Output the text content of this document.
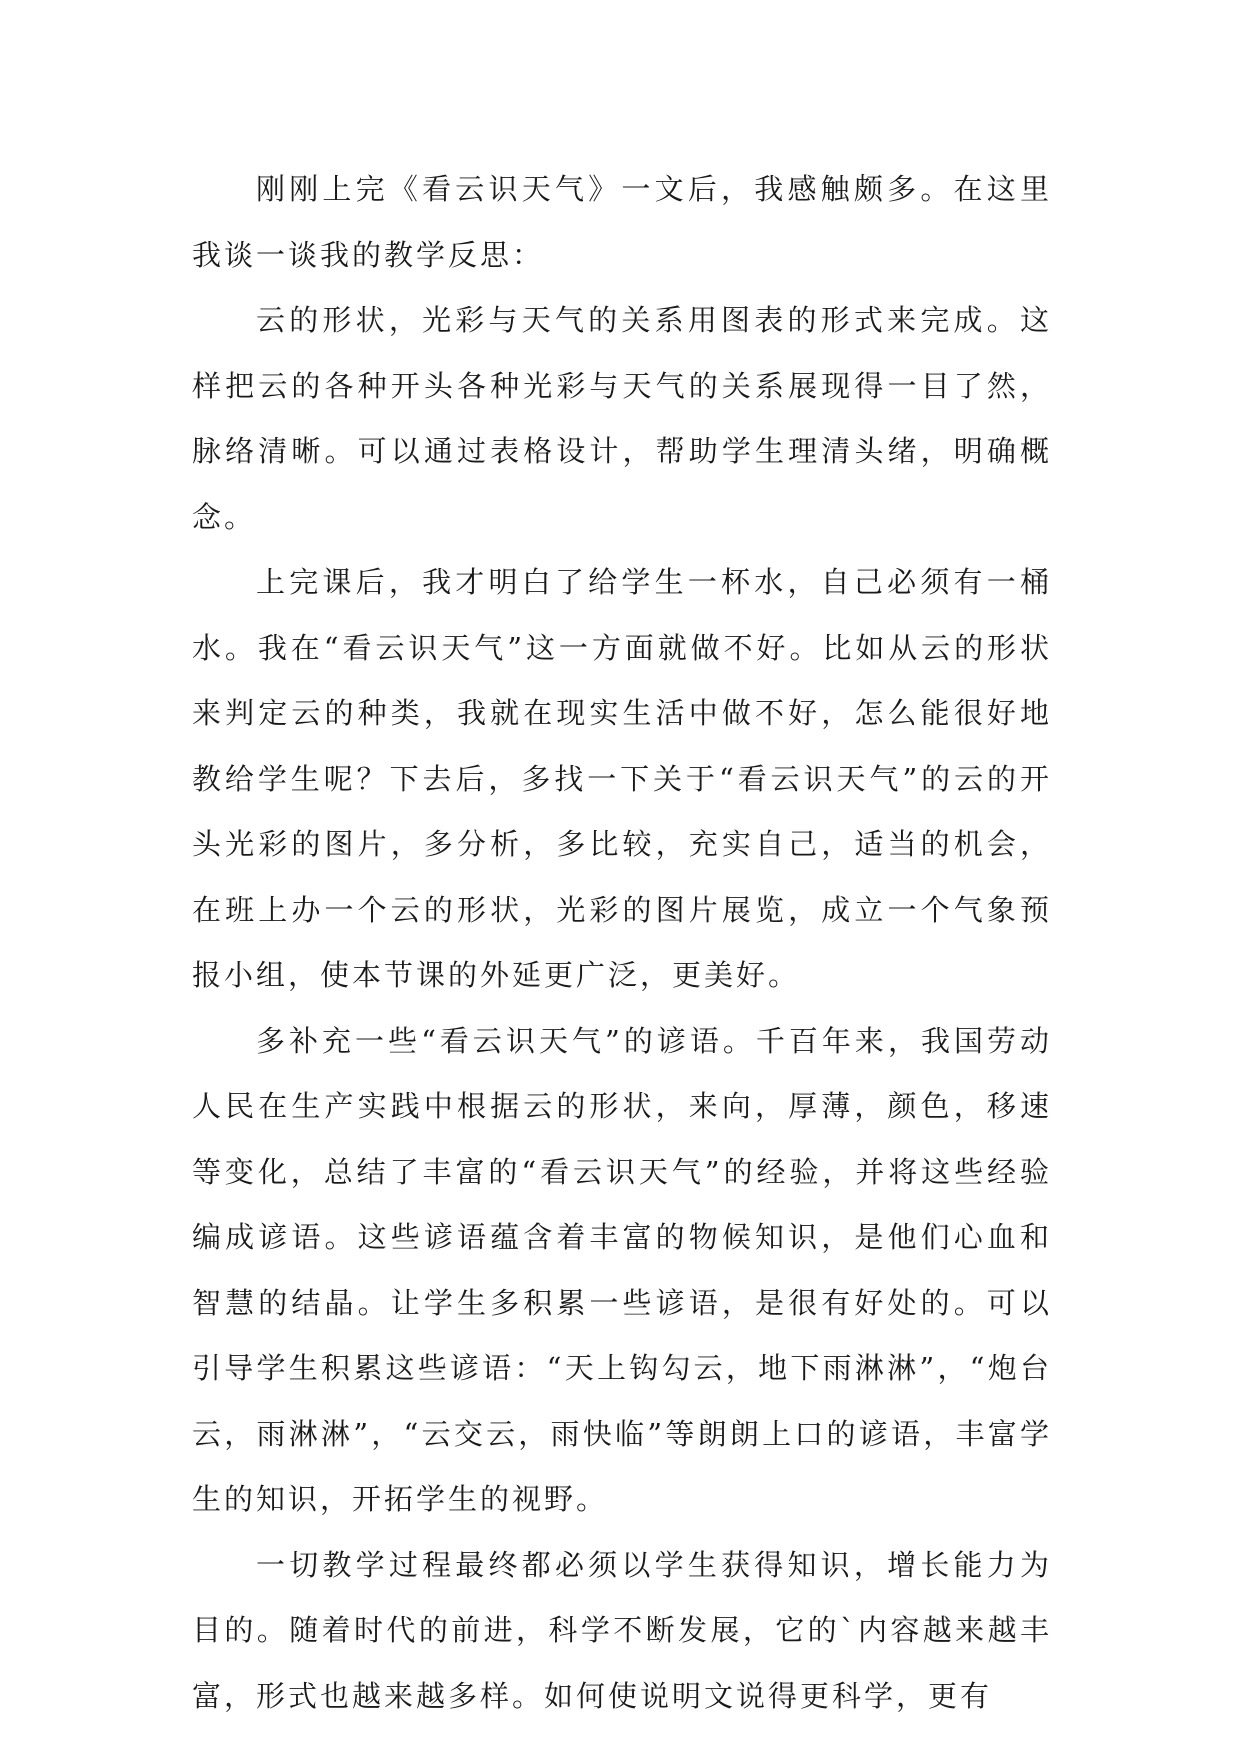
刚刚上完《看云识天气》一文后，我感触颇多。在这里我谈一谈我的教学反思：

云的形状，光彩与天气的关系用图表的形式来完成。这样把云的各种开头各种光彩与天气的关系展现得一目了然，脉络清晰。可以通过表格设计，帮助学生理清头绪，明确概念。

上完课后，我才明白了给学生一杯水，自己必须有一桶水。我在“看云识天气”这一方面就做不好。比如从云的形状来判定云的种类，我就在现实生活中做不好，怎么能很好地教给学生呢？下去后，多找一下关于“看云识天气”的云的开头光彩的图片，多分析，多比较，充实自己，适当的机会，在班上办一个云的形状，光彩的图片展览，成立一个气象预报小组，使本节课的外延更广泛，更美好。

多补充一些“看云识天气”的谚语。千百年来，我国劳动人民在生产实践中根据云的形状，来向，厚薄，颜色，移速等变化，总结了丰富的“看云识天气”的经验，并将这些经验编成谚语。这些谚语蕴含着丰富的物候知识，是他们心血和智慧的结晶。让学生多积累一些谚语，是很有好处的。可以引导学生积累这些谚语：“天上钩勾云，地下雨淋淋”，“炮台云，雨淋淋”，“云交云，雨快临”等朗朗上口的谚语，丰富学生的知识，开拓学生的视野。

一切教学过程最终都必须以学生获得知识，增长能力为目的。随着时代的前进，科学不断发展，它的`内容越来越丰富，形式也越来越多样。如何使说明文说得更科学，更有
